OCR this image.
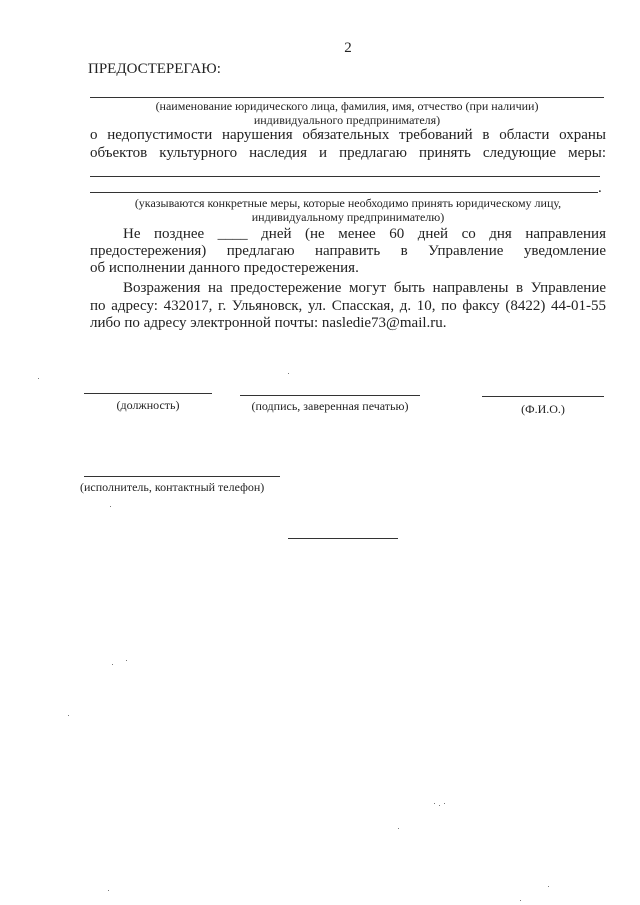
2
ПРЕДОСТЕРЕГАЮ:
(наименование юридического лица, фамилия, имя, отчество (при наличии)
индивидуального предпринимателя)
о недопустимости нарушения обязательных требований в области охраны
объектов культурного наследия и предлагаю принять следующие меры:
.
(указываются конкретные меры, которые необходимо принять юридическому лицу,
индивидуальному предпринимателю)
Не позднее ____ дней (не менее 60 дней со дня направления
предостережения) предлагаю направить в Управление уведомление
об исполнении данного предостережения.
Возражения на предостережение могут быть направлены в Управление
по адресу: 432017, г. Ульяновск, ул. Спасская, д. 10, по факсу (8422) 44-01-55
либо по адресу электронной почты: nasledie73@mail.ru.
(должность)	(подпись, заверенная печатью)	(Ф.И.О.)
(исполнитель, контактный телефон)
